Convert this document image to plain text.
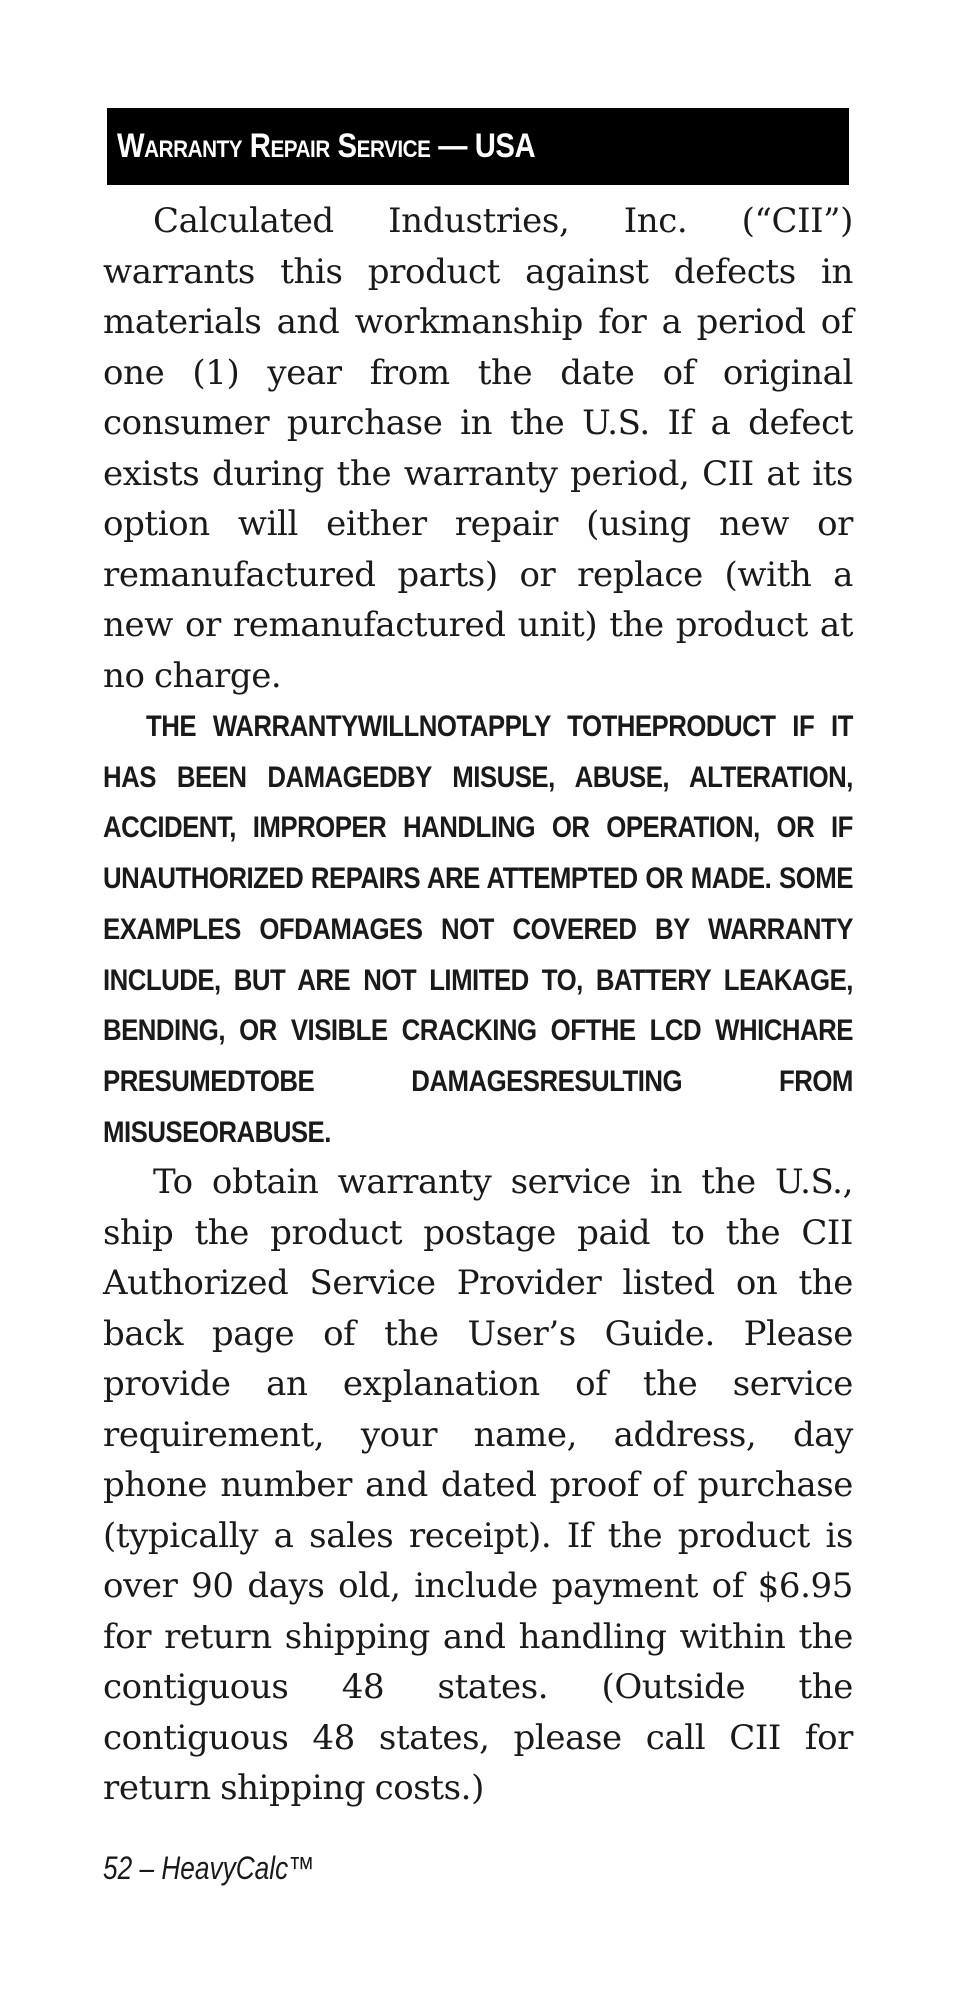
Warranty Repair Service — USA

Calculated Industries, Inc. (“CII”) warrants this product against defects in materials and workmanship for a period of one (1) year from the date of original consumer purchase in the U.S. If a defect exists during the warranty period, CII at its option will either repair (using new or remanufactured parts) or replace (with a new or remanufactured unit) the product at no charge.

THE WARRANTYWILLNOTAPPLY TOTHEPRODUCT IF IT HAS BEEN DAMAGEDBY MISUSE, ABUSE, ALTERATION, ACCIDENT, IMPROPER HANDLING OR OPERATION, OR IF UNAUTHORIZED REPAIRS ARE ATTEMPTED OR MADE. SOME EXAMPLES OFDAMAGES NOT COVERED BY WARRANTY INCLUDE, BUT ARE NOT LIMITED TO, BATTERY LEAKAGE, BENDING, OR VISIBLE CRACKING OFTHE LCD WHICHARE PRESUMEDTOBE DAMAGESRESULTING FROM MISUSEORABUSE.

To obtain warranty service in the U.S., ship the product postage paid to the CII Authorized Service Provider listed on the back page of the User’s Guide. Please provide an explanation of the service requirement, your name, address, day phone number and dated proof of purchase (typically a sales receipt). If the product is over 90 days old, include payment of $6.95 for return shipping and handling within the contiguous 48 states. (Outside the contiguous 48 states, please call CII for return shipping costs.)

52 – HeavyCalc™
